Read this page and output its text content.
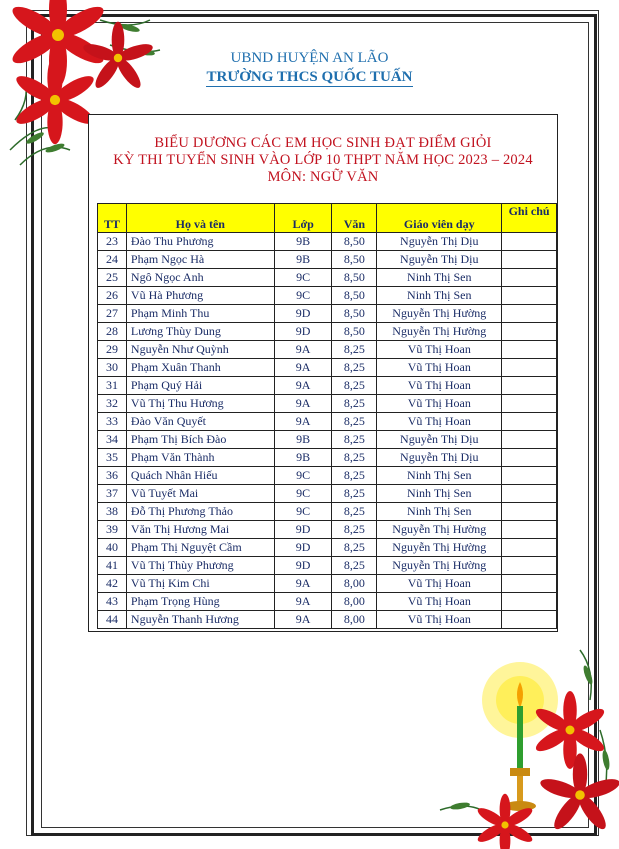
UBND HUYỆN AN LÃO
TRƯỜNG THCS QUỐC TUẤN
BIỂU DƯƠNG CÁC EM HỌC SINH ĐẠT ĐIỂM GIỎI
KỲ THI TUYỂN SINH VÀO LỚP 10 THPT NĂM HỌC 2023 – 2024
MÔN: NGỮ VĂN
TT	Họ và tên	Lớp	Văn	Giáo viên dạy	Ghi chú
23	Đào Thu Phương	9B	8,50	Nguyễn Thị Dịu	
24	Phạm Ngọc Hà	9B	8,50	Nguyễn Thị Dịu	
25	Ngô Ngọc Anh	9C	8,50	Ninh Thị Sen	
26	Vũ Hà Phương	9C	8,50	Ninh Thị Sen	
27	Phạm Minh Thu	9D	8,50	Nguyễn Thị Hường	
28	Lương Thùy Dung	9D	8,50	Nguyễn Thị Hường	
29	Nguyễn Như Quỳnh	9A	8,25	Vũ Thị Hoan	
30	Phạm Xuân Thanh	9A	8,25	Vũ Thị Hoan	
31	Phạm Quý Hải	9A	8,25	Vũ Thị Hoan	
32	Vũ Thị Thu Hương	9A	8,25	Vũ Thị Hoan	
33	Đào Văn Quyết	9A	8,25	Vũ Thị Hoan	
34	Phạm Thị Bích Đào	9B	8,25	Nguyễn Thị Dịu	
35	Phạm Văn Thành	9B	8,25	Nguyễn Thị Dịu	
36	Quách Nhân Hiếu	9C	8,25	Ninh Thị Sen	
37	Vũ Tuyết Mai	9C	8,25	Ninh Thị Sen	
38	Đỗ Thị Phương Thảo	9C	8,25	Ninh Thị Sen	
39	Văn Thị Hương Mai	9D	8,25	Nguyễn Thị Hường	
40	Phạm Thị Nguyệt Cầm	9D	8,25	Nguyễn Thị Hường	
41	Vũ Thị Thùy Phương	9D	8,25	Nguyễn Thị Hường	
42	Vũ Thị Kim Chi	9A	8,00	Vũ Thị Hoan	
43	Phạm Trọng Hùng	9A	8,00	Vũ Thị Hoan	
44	Nguyễn Thanh Hương	9A	8,00	Vũ Thị Hoan	
